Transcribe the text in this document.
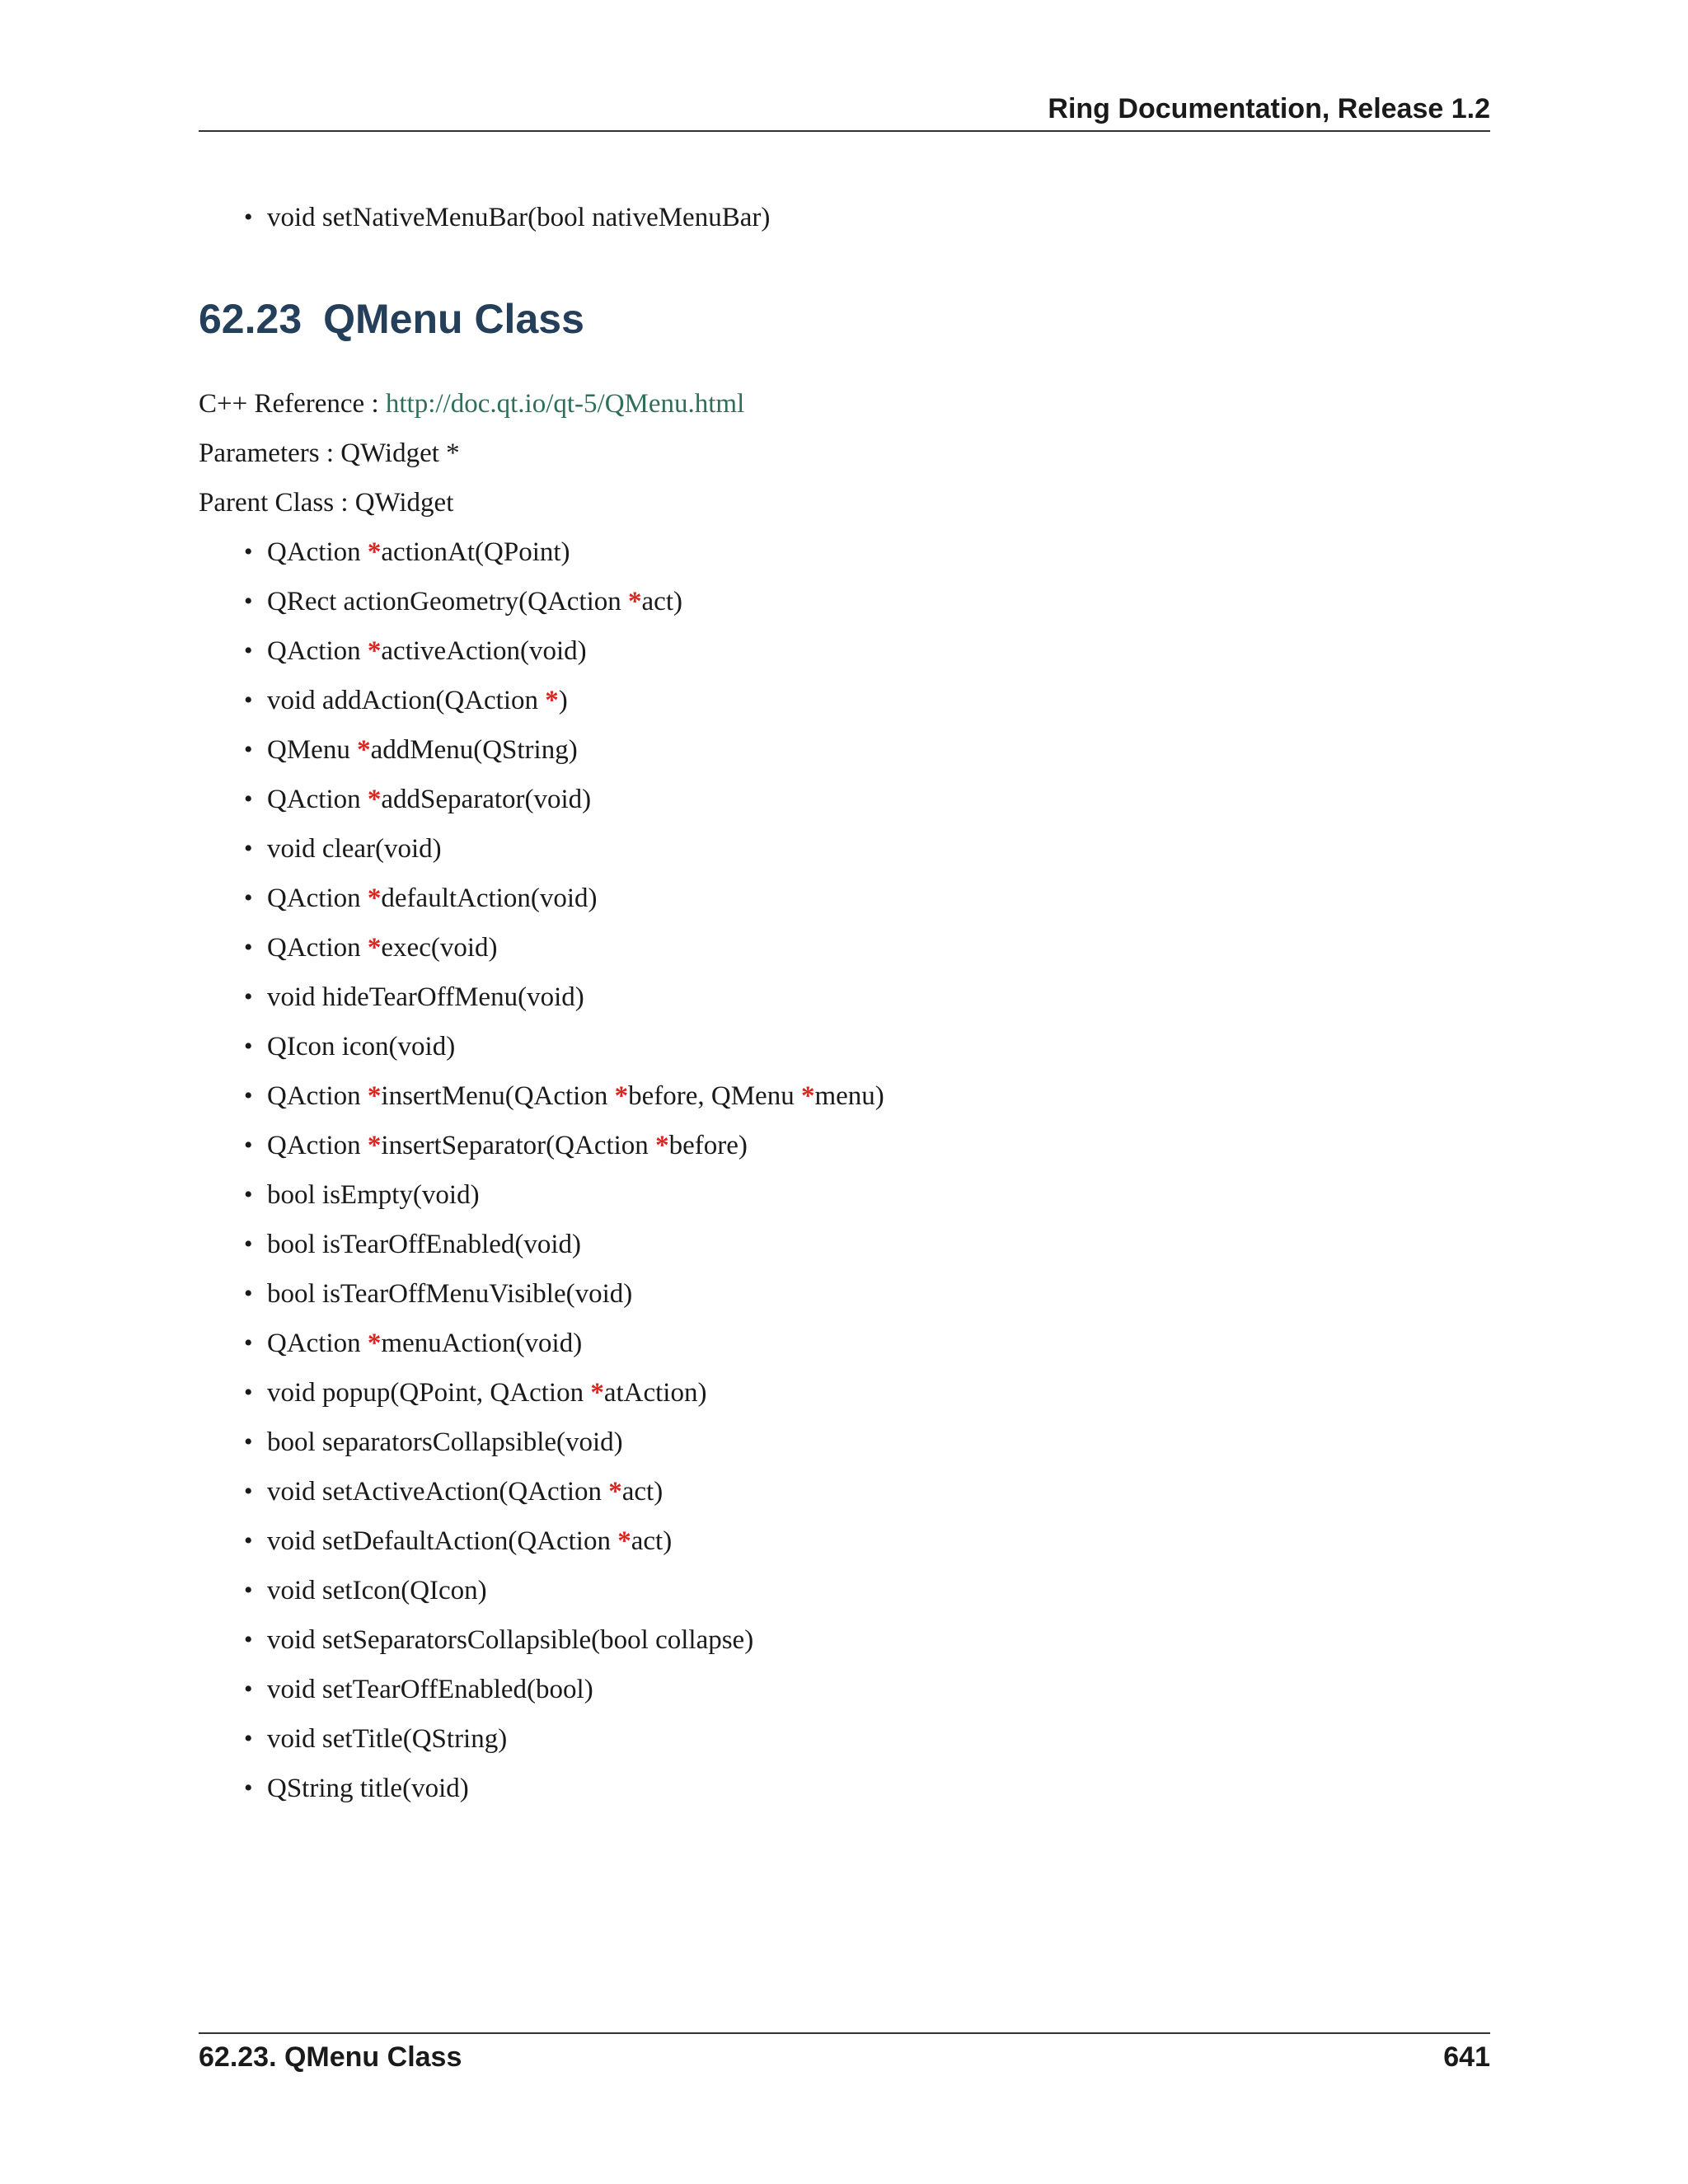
Ring Documentation, Release 1.2
• void setNativeMenuBar(bool nativeMenuBar)
62.23 QMenu Class
C++ Reference : http://doc.qt.io/qt-5/QMenu.html
Parameters : QWidget *
Parent Class : QWidget
• QAction *actionAt(QPoint)
• QRect actionGeometry(QAction *act)
• QAction *activeAction(void)
• void addAction(QAction *)
• QMenu *addMenu(QString)
• QAction *addSeparator(void)
• void clear(void)
• QAction *defaultAction(void)
• QAction *exec(void)
• void hideTearOffMenu(void)
• QIcon icon(void)
• QAction *insertMenu(QAction *before, QMenu *menu)
• QAction *insertSeparator(QAction *before)
• bool isEmpty(void)
• bool isTearOffEnabled(void)
• bool isTearOffMenuVisible(void)
• QAction *menuAction(void)
• void popup(QPoint, QAction *atAction)
• bool separatorsCollapsible(void)
• void setActiveAction(QAction *act)
• void setDefaultAction(QAction *act)
• void setIcon(QIcon)
• void setSeparatorsCollapsible(bool collapse)
• void setTearOffEnabled(bool)
• void setTitle(QString)
• QString title(void)
62.23. QMenu Class	641
